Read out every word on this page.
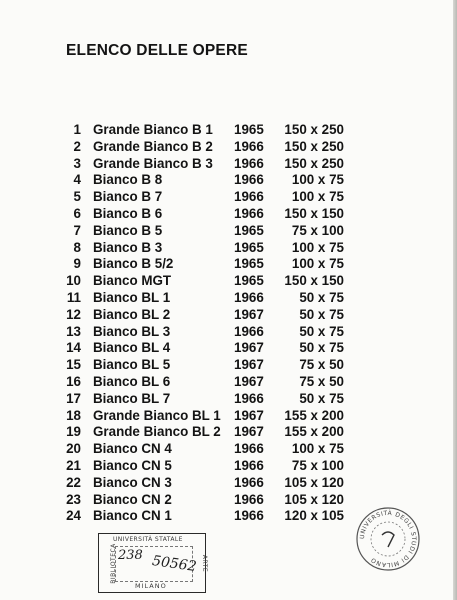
ELENCO DELLE OPERE
1 Grande Bianco B 1 1965 150 x 250
2 Grande Bianco B 2 1966 150 x 250
3 Grande Bianco B 3 1966 150 x 250
4 Bianco B 8	1966 100 x 75
5 Bianco B 7	1966 100 x 75
6 Bianco B 6	1966 150 x 150
7 Bianco B 5	1965 75 x 100
8 Bianco B 3	1965 100 x 75
9 Bianco B 5/2	1965 100 x 75
10 Bianco MGT	1965 150 x 150
11 Bianco BL 1	1966	50 x 75
12 Bianco BL 2	1967	50 x 75
13 Bianco BL 3	1966	50 x 75
14 Bianco BL 4	1967	50 x 75
15 Bianco BL 5	1967	75 x 50
16 Bianco BL 6	1967	75 x 50
17 Bianco BL 7	1966	50 x 75
18 Grande Bianco BL 1 1967 155 x 200
19 Grande Bianco BL 2 1967 155 x 200
20 Bianco CN 4	1966 100 x 75
21 Bianco CN 5	1966 75 x 100
22 Bianco CN 3	1966 105 x 120
23 Bianco CN 2	1966 105 x 120
24 Bianco CN 1	1966 120 x 105
UNIVERSITÀ STATALE
BIBLIOTECA	ARTE
MILANO
238 50562
UNIVERSITÀ DEGLI STUDI DI MILANO
